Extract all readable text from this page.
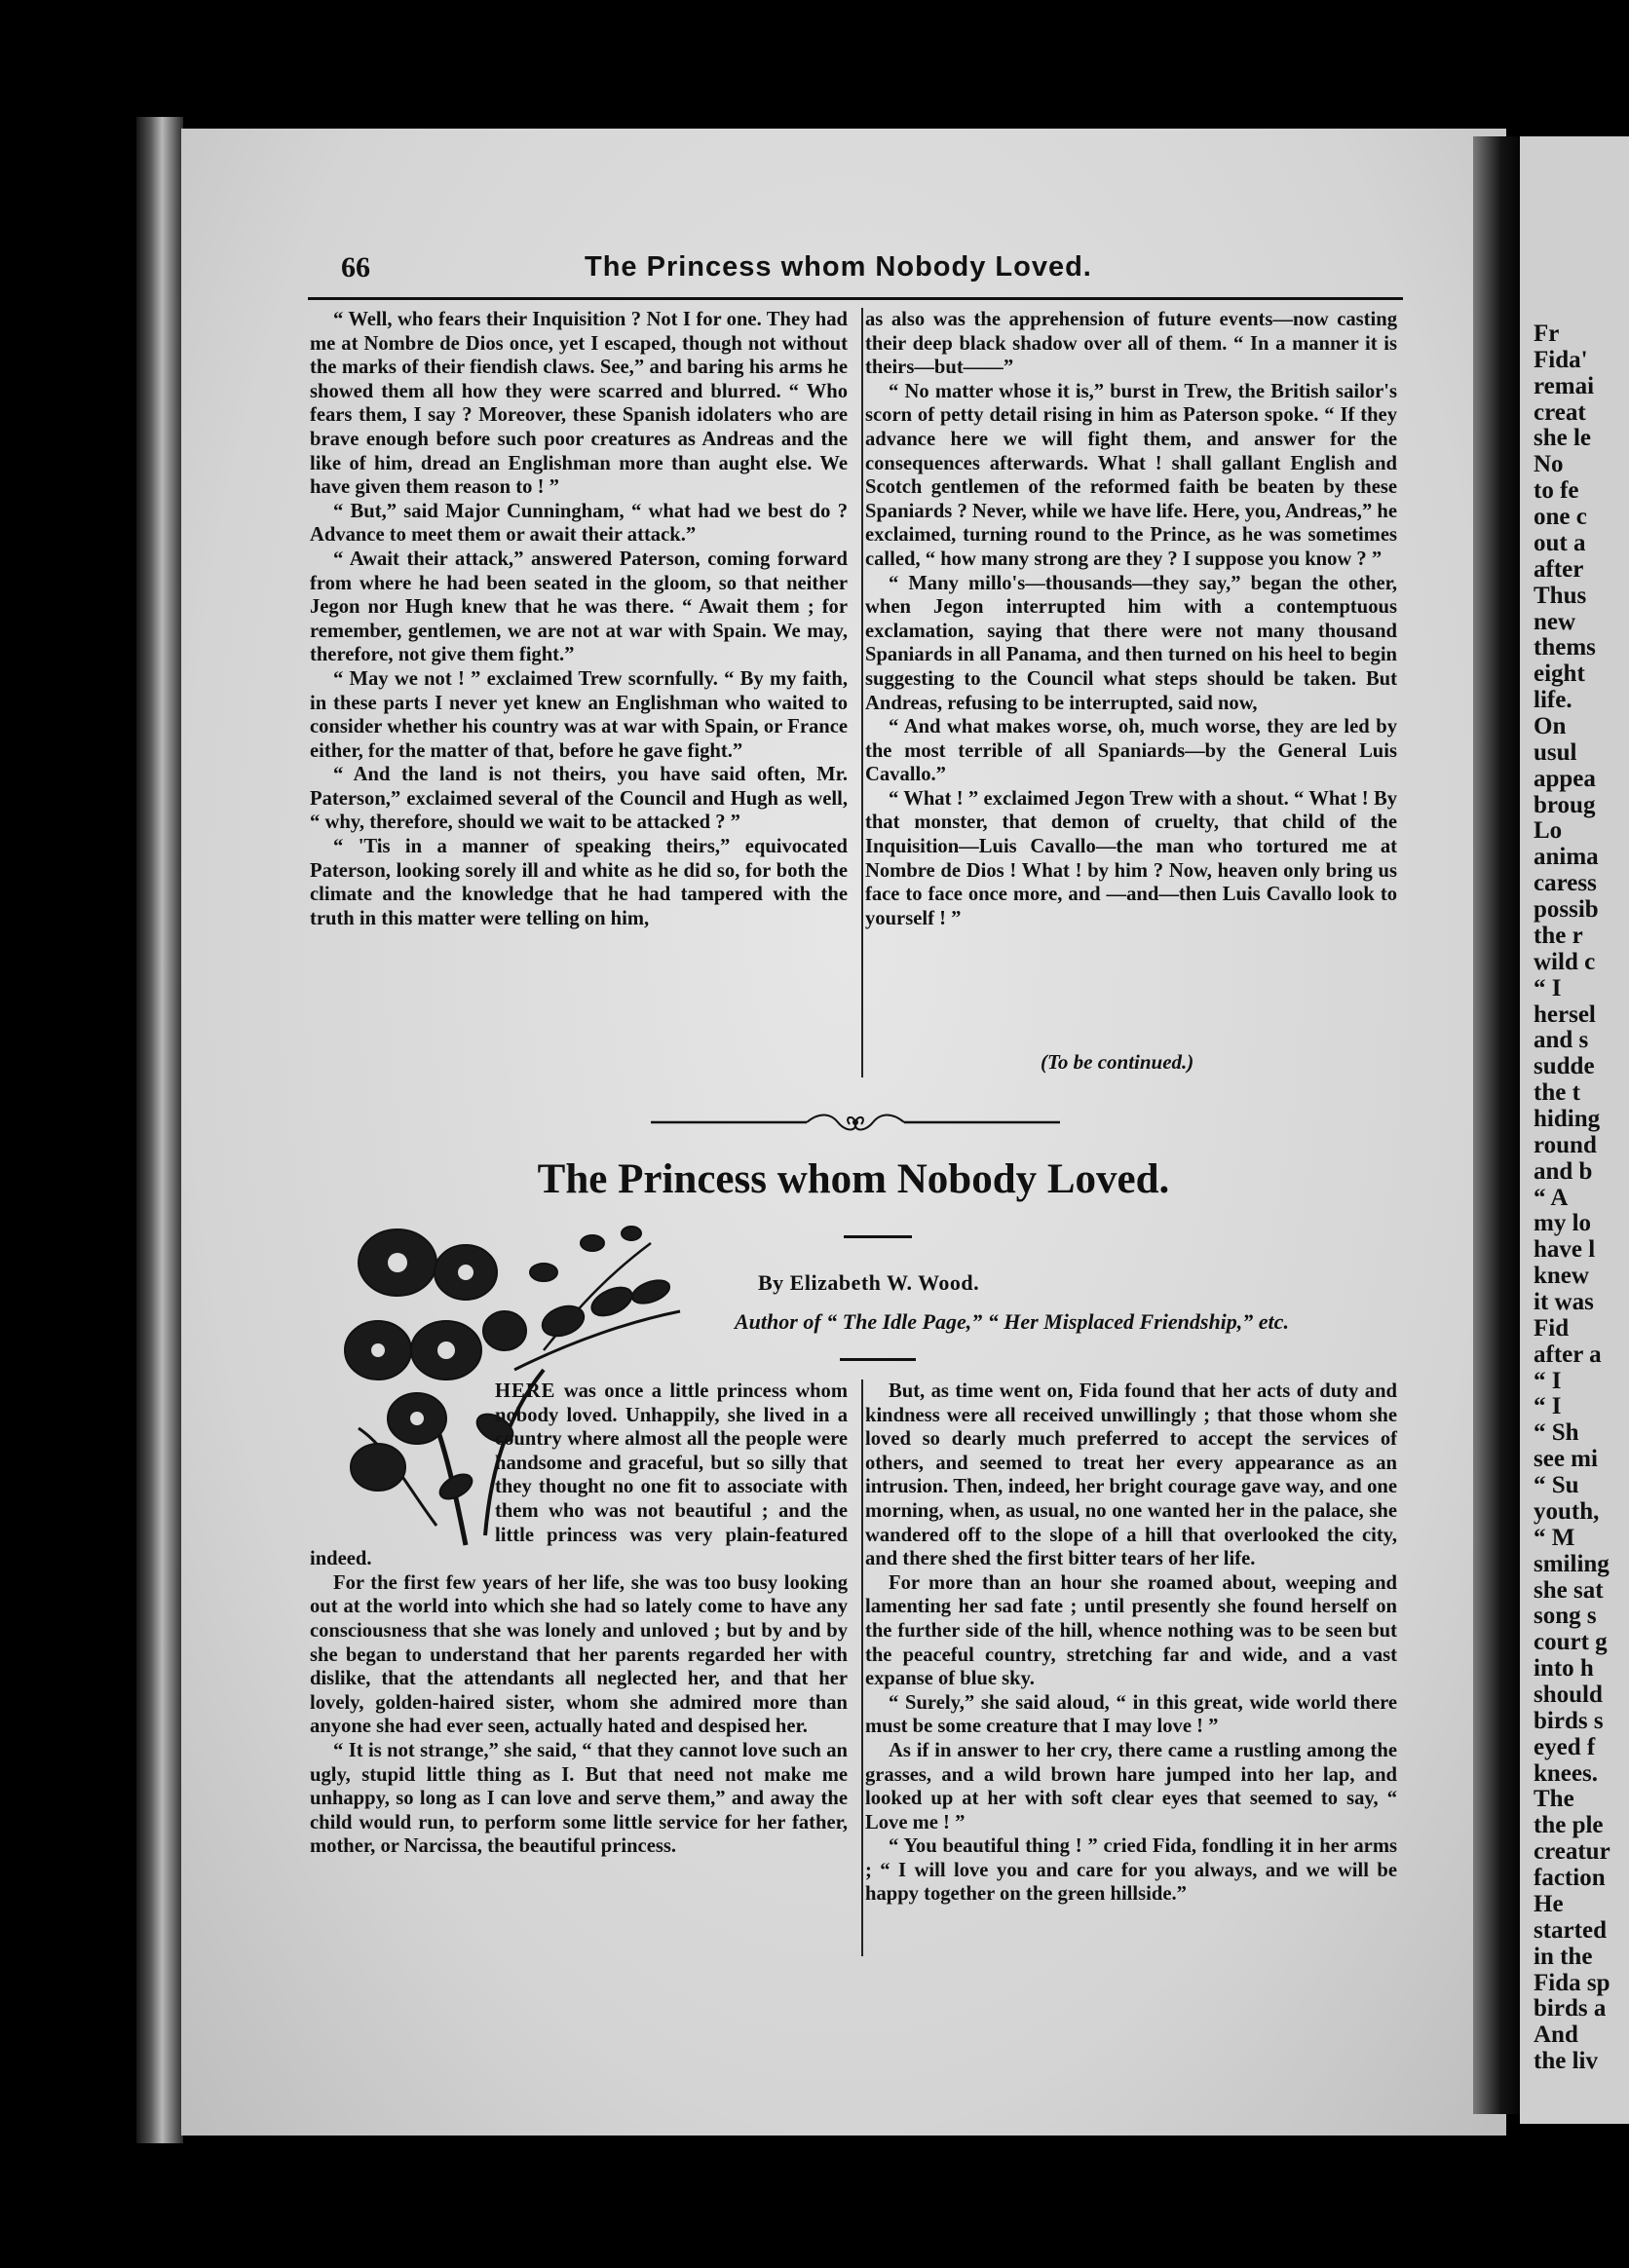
66	The Princess whom Nobody Loved.

“ Well, who fears their Inquisition ? Not I for one. They had me at Nombre de Dios once, yet I escaped, though not without the marks of their fiendish claws. See,” and baring his arms he showed them all how they were scarred and blurred. “ Who fears them, I say ? Moreover, these Spanish idolaters who are brave enough before such poor creatures as Andreas and the like of him, dread an Englishman more than aught else. We have given them reason to ! ”

“ But,” said Major Cunningham, “ what had we best do ? Advance to meet them or await their attack.”

“ Await their attack,” answered Paterson, coming forward from where he had been seated in the gloom, so that neither Jegon nor Hugh knew that he was there. “ Await them ; for remember, gentlemen, we are not at war with Spain. We may, therefore, not give them fight.”

“ May we not ! ” exclaimed Trew scornfully. “ By my faith, in these parts I never yet knew an Englishman who waited to consider whether his country was at war with Spain, or France either, for the matter of that, before he gave fight.”

“ And the land is not theirs, you have said often, Mr. Paterson,” exclaimed several of the Council and Hugh as well, “ why, therefore, should we wait to be attacked ? ”

“ 'Tis in a manner of speaking theirs,” equivocated Paterson, looking sorely ill and white as he did so, for both the climate and the knowledge that he had tampered with the truth in this matter were telling on him,

as also was the apprehension of future events—now casting their deep black shadow over all of them. “ In a manner it is theirs—but——”

“ No matter whose it is,” burst in Trew, the British sailor's scorn of petty detail rising in him as Paterson spoke. “ If they advance here we will fight them, and answer for the consequences afterwards. What ! shall gallant English and Scotch gentlemen of the reformed faith be beaten by these Spaniards ? Never, while we have life. Here, you, Andreas,” he exclaimed, turning round to the Prince, as he was sometimes called, “ how many strong are they ? I suppose you know ? ”

“ Many millo's—thousands—they say,” began the other, when Jegon interrupted him with a contemptuous exclamation, saying that there were not many thousand Spaniards in all Panama, and then turned on his heel to begin suggesting to the Council what steps should be taken. But Andreas, refusing to be interrupted, said now,

“ And what makes worse, oh, much worse, they are led by the most terrible of all Spaniards—by the General Luis Cavallo.”

“ What ! ” exclaimed Jegon Trew with a shout. “ What ! By that monster, that demon of cruelty, that child of the Inquisition—Luis Cavallo—the man who tortured me at Nombre de Dios ! What ! by him ? Now, heaven only bring us face to face once more, and —and—then Luis Cavallo look to yourself ! ”

(To be continued.)
The Princess whom Nobody Loved.
By Elizabeth W. Wood.
Author of “ The Idle Page,” “ Her Misplaced Friendship,” etc.

HERE was once a little princess whom nobody loved. Unhappily, she lived in a country where almost all the people were handsome and graceful, but so silly that they thought no one fit to associate with them who was not beautiful ; and the little princess was very plain-featured indeed.

For the first few years of her life, she was too busy looking out at the world into which she had so lately come to have any consciousness that she was lonely and unloved ; but by and by she began to understand that her parents regarded her with dislike, that the attendants all neglected her, and that her lovely, golden-haired sister, whom she admired more than anyone she had ever seen, actually hated and despised her.

“ It is not strange,” she said, “ that they cannot love such an ugly, stupid little thing as I. But that need not make me unhappy, so long as I can love and serve them,” and away the child would run, to perform some little service for her father, mother, or Narcissa, the beautiful princess.

But, as time went on, Fida found that her acts of duty and kindness were all received unwillingly ; that those whom she loved so dearly much preferred to accept the services of others, and seemed to treat her every appearance as an intrusion. Then, indeed, her bright courage gave way, and one morning, when, as usual, no one wanted her in the palace, she wandered off to the slope of a hill that overlooked the city, and there shed the first bitter tears of her life.

For more than an hour she roamed about, weeping and lamenting her sad fate ; until presently she found herself on the further side of the hill, whence nothing was to be seen but the peaceful country, stretching far and wide, and a vast expanse of blue sky.

“ Surely,” she said aloud, “ in this great, wide world there must be some creature that I may love ! ”

As if in answer to her cry, there came a rustling among the grasses, and a wild brown hare jumped into her lap, and looked up at her with soft clear eyes that seemed to say, “ Love me ! ”

“ You beautiful thing ! ” cried Fida, fondling it in her arms ; “ I will love you and care for you always, and we will be happy together on the green hillside.”

Fr
Fida'
remai
creat
she le
No
to fe
one c
out a
after
Thus
new
thems
eight
life.
On
usul
appea
broug
Lo
anima
caress
possib
the r
wild c
“ I
hersel
and s
sudde
the t
hiding
round
and b
“ A
my lo
have l
knew
it was
Fid
after a
“ I
“ I
“ Sh
see mi
“ Su
youth,
“ M
smiling
she sat
song s
court g
into h
should
birds s
eyed f
knees.
The
the ple
creatur
faction
He
started
in the
Fida sp
birds a
And
the liv
